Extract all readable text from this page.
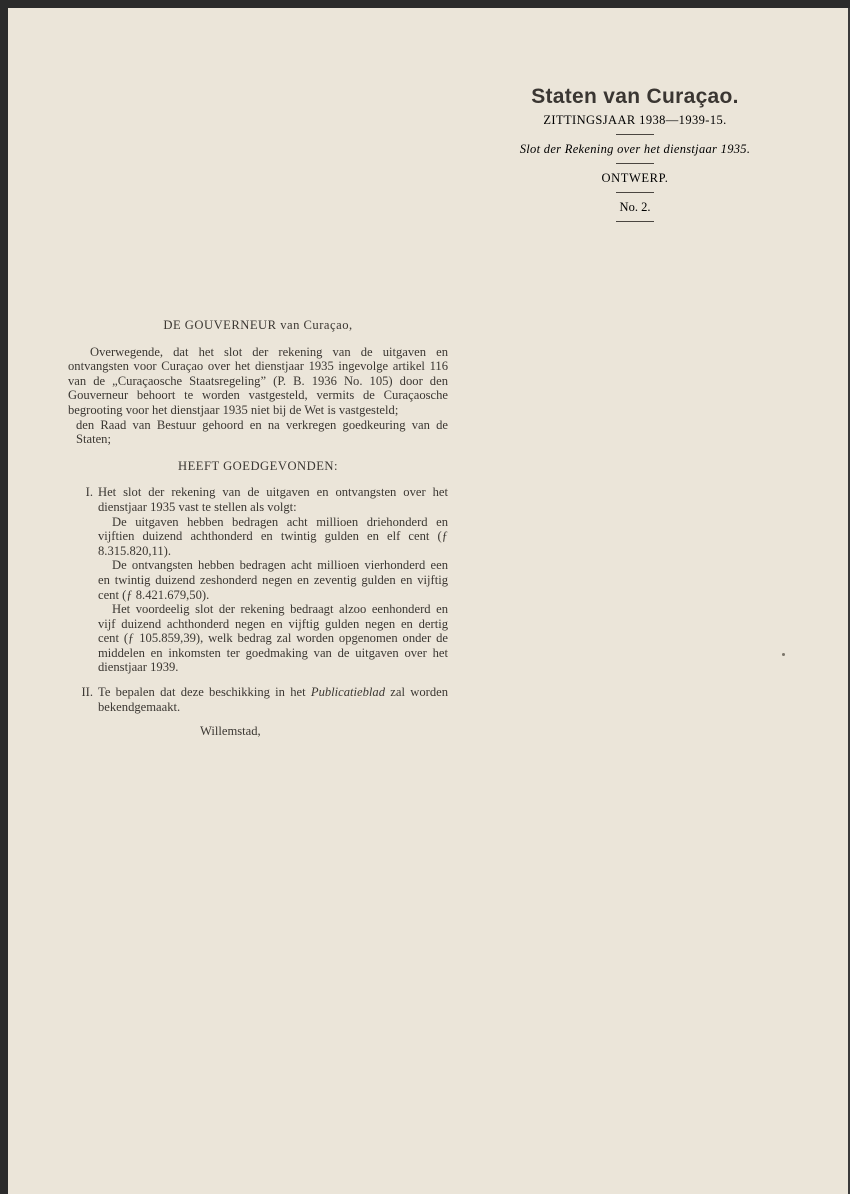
Staten van Curaçao.

ZITTINGSJAAR 1938—1939-15.

Slot der Rekening over het dienstjaar 1935.

ONTWERP.

No. 2.

DE GOUVERNEUR van Curaçao,

Overwegende, dat het slot der rekening van de uitgaven en ontvangsten voor Curaçao over het dienstjaar 1935 ingevolge artikel 116 van de „Curaçaosche Staatsregeling” (P. B. 1936 No. 105) door den Gouverneur behoort te worden vastgesteld, vermits de Curaçaosche begrooting voor het dienstjaar 1935 niet bij de Wet is vastgesteld;

den Raad van Bestuur gehoord en na verkregen goedkeuring van de Staten;

HEEFT GOEDGEVONDEN:

I. Het slot der rekening van de uitgaven en ontvangsten over het dienstjaar 1935 vast te stellen als volgt:

De uitgaven hebben bedragen acht millioen driehonderd en vijftien duizend achthonderd en twintig gulden en elf cent (ƒ 8.315.820,11).

De ontvangsten hebben bedragen acht millioen vierhonderd een en twintig duizend zeshonderd negen en zeventig gulden en vijftig cent (ƒ 8.421.679,50).

Het voordeelig slot der rekening bedraagt alzoo eenhonderd en vijf duizend achthonderd negen en vijftig gulden negen en dertig cent (ƒ 105.859,39), welk bedrag zal worden opgenomen onder de middelen en inkomsten ter goedmaking van de uitgaven over het dienstjaar 1939.

II. Te bepalen dat deze beschikking in het Publicatieblad zal worden bekendgemaakt.

Willemstad,
